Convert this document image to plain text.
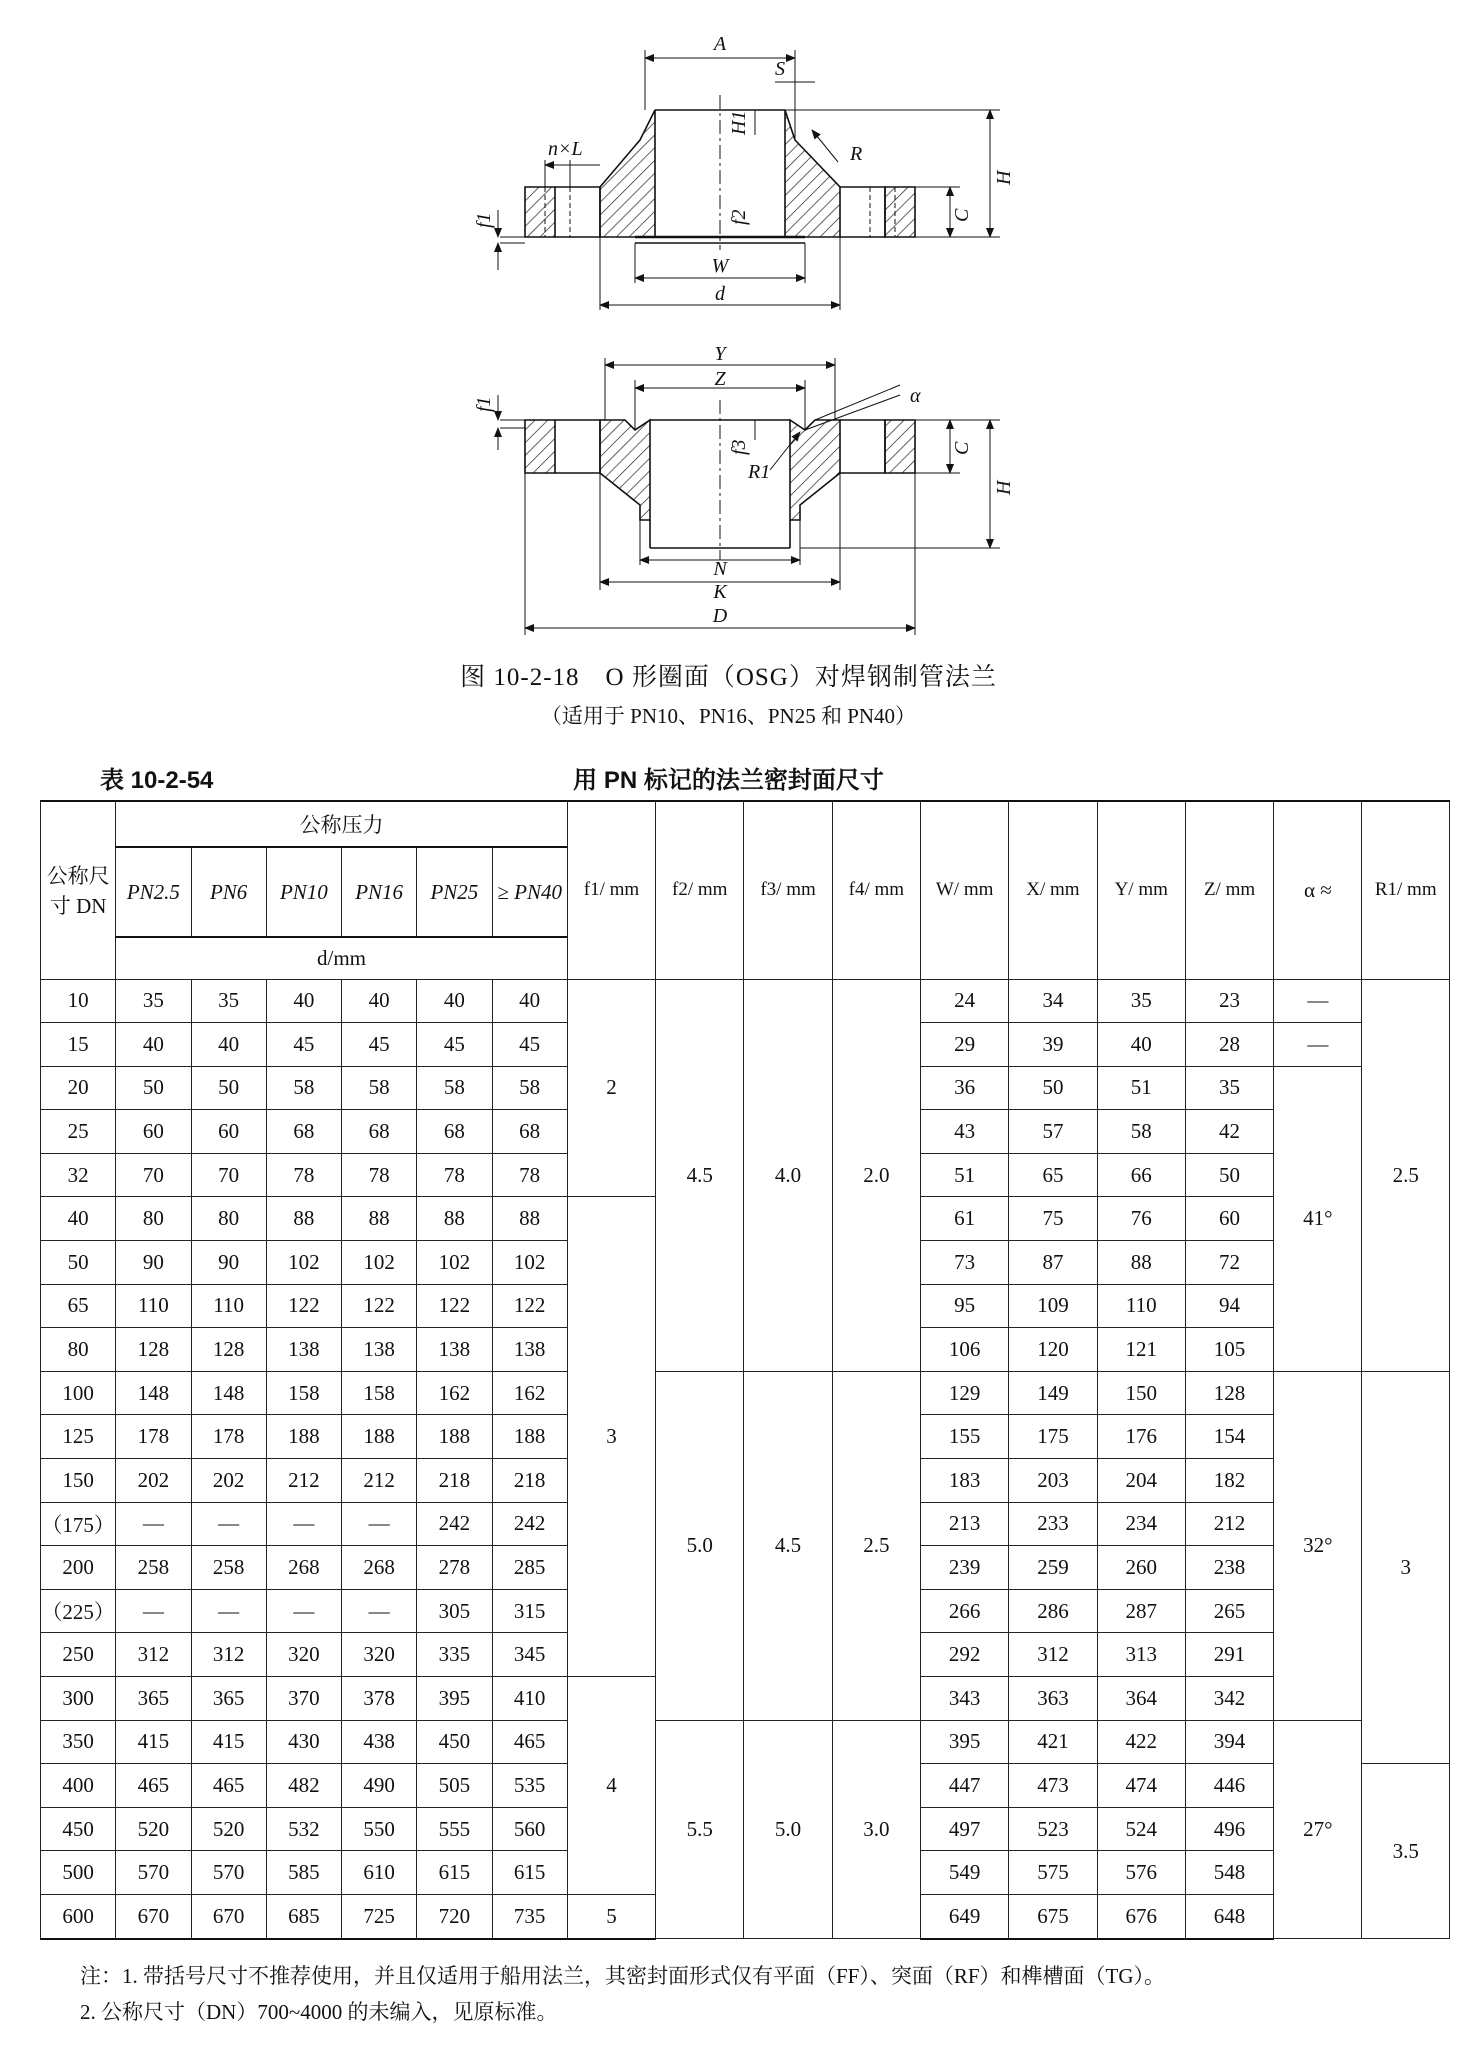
A
S
H1
R
n×L
f1	f2	C
H
W
d
Y
Z
α
f1
f3
R1
C
H
N
K
D
图 10-2-18　O 形圈面（OSG）对焊钢制管法兰
（适用于 PN10、PN16、PN25 和 PN40）
表 10-2-54	用 PN 标记的法兰密封面尺寸
公称尺寸 DN	公称压力						f1/ mm	f2/ mm	f3/ mm	f4/ mm	W/ mm	X/ mm	Y/ mm	Z/ mm	α ≈	R1/ mm
	PN2.5	PN6	PN10	PN16	PN25	≥ PN40										
	d/mm															
10	35	35	40	40	40	40	2	4.5	4.0	2.0	24	34	35	23	—	2.5
15	40	40	45	45	45	45					29	39	40	28	—	
20	50	50	58	58	58	58					36	50	51	35	41°	
25	60	60	68	68	68	68					43	57	58	42		
32	70	70	78	78	78	78					51	65	66	50		
40	80	80	88	88	88	88	3				61	75	76	60		
50	90	90	102	102	102	102					73	87	88	72		
65	110	110	122	122	122	122					95	109	110	94		
80	128	128	138	138	138	138					106	120	121	105		
100	148	148	158	158	162	162		5.0	4.5	2.5	129	149	150	128	32°	3
125	178	178	188	188	188	188					155	175	176	154		
150	202	202	212	212	218	218					183	203	204	182		
（175）	—	—	—	—	242	242					213	233	234	212		
200	258	258	268	268	278	285					239	259	260	238		
（225）	—	—	—	—	305	315					266	286	287	265		
250	312	312	320	320	335	345					292	312	313	291		
300	365	365	370	378	395	410	4				343	363	364	342		
350	415	415	430	438	450	465		5.5	5.0	3.0	395	421	422	394	27°	
400	465	465	482	490	505	535					447	473	474	446		3.5
450	520	520	532	550	555	560					497	523	524	496		
500	570	570	585	610	615	615					549	575	576	548		
600	670	670	685	725	720	735	5				649	675	676	648		
注：1. 带括号尺寸不推荐使用，并且仅适用于船用法兰，其密封面形式仅有平面（FF）、突面（RF）和榫槽面（TG）。
2. 公称尺寸（DN）700~4000 的未编入，见原标准。
